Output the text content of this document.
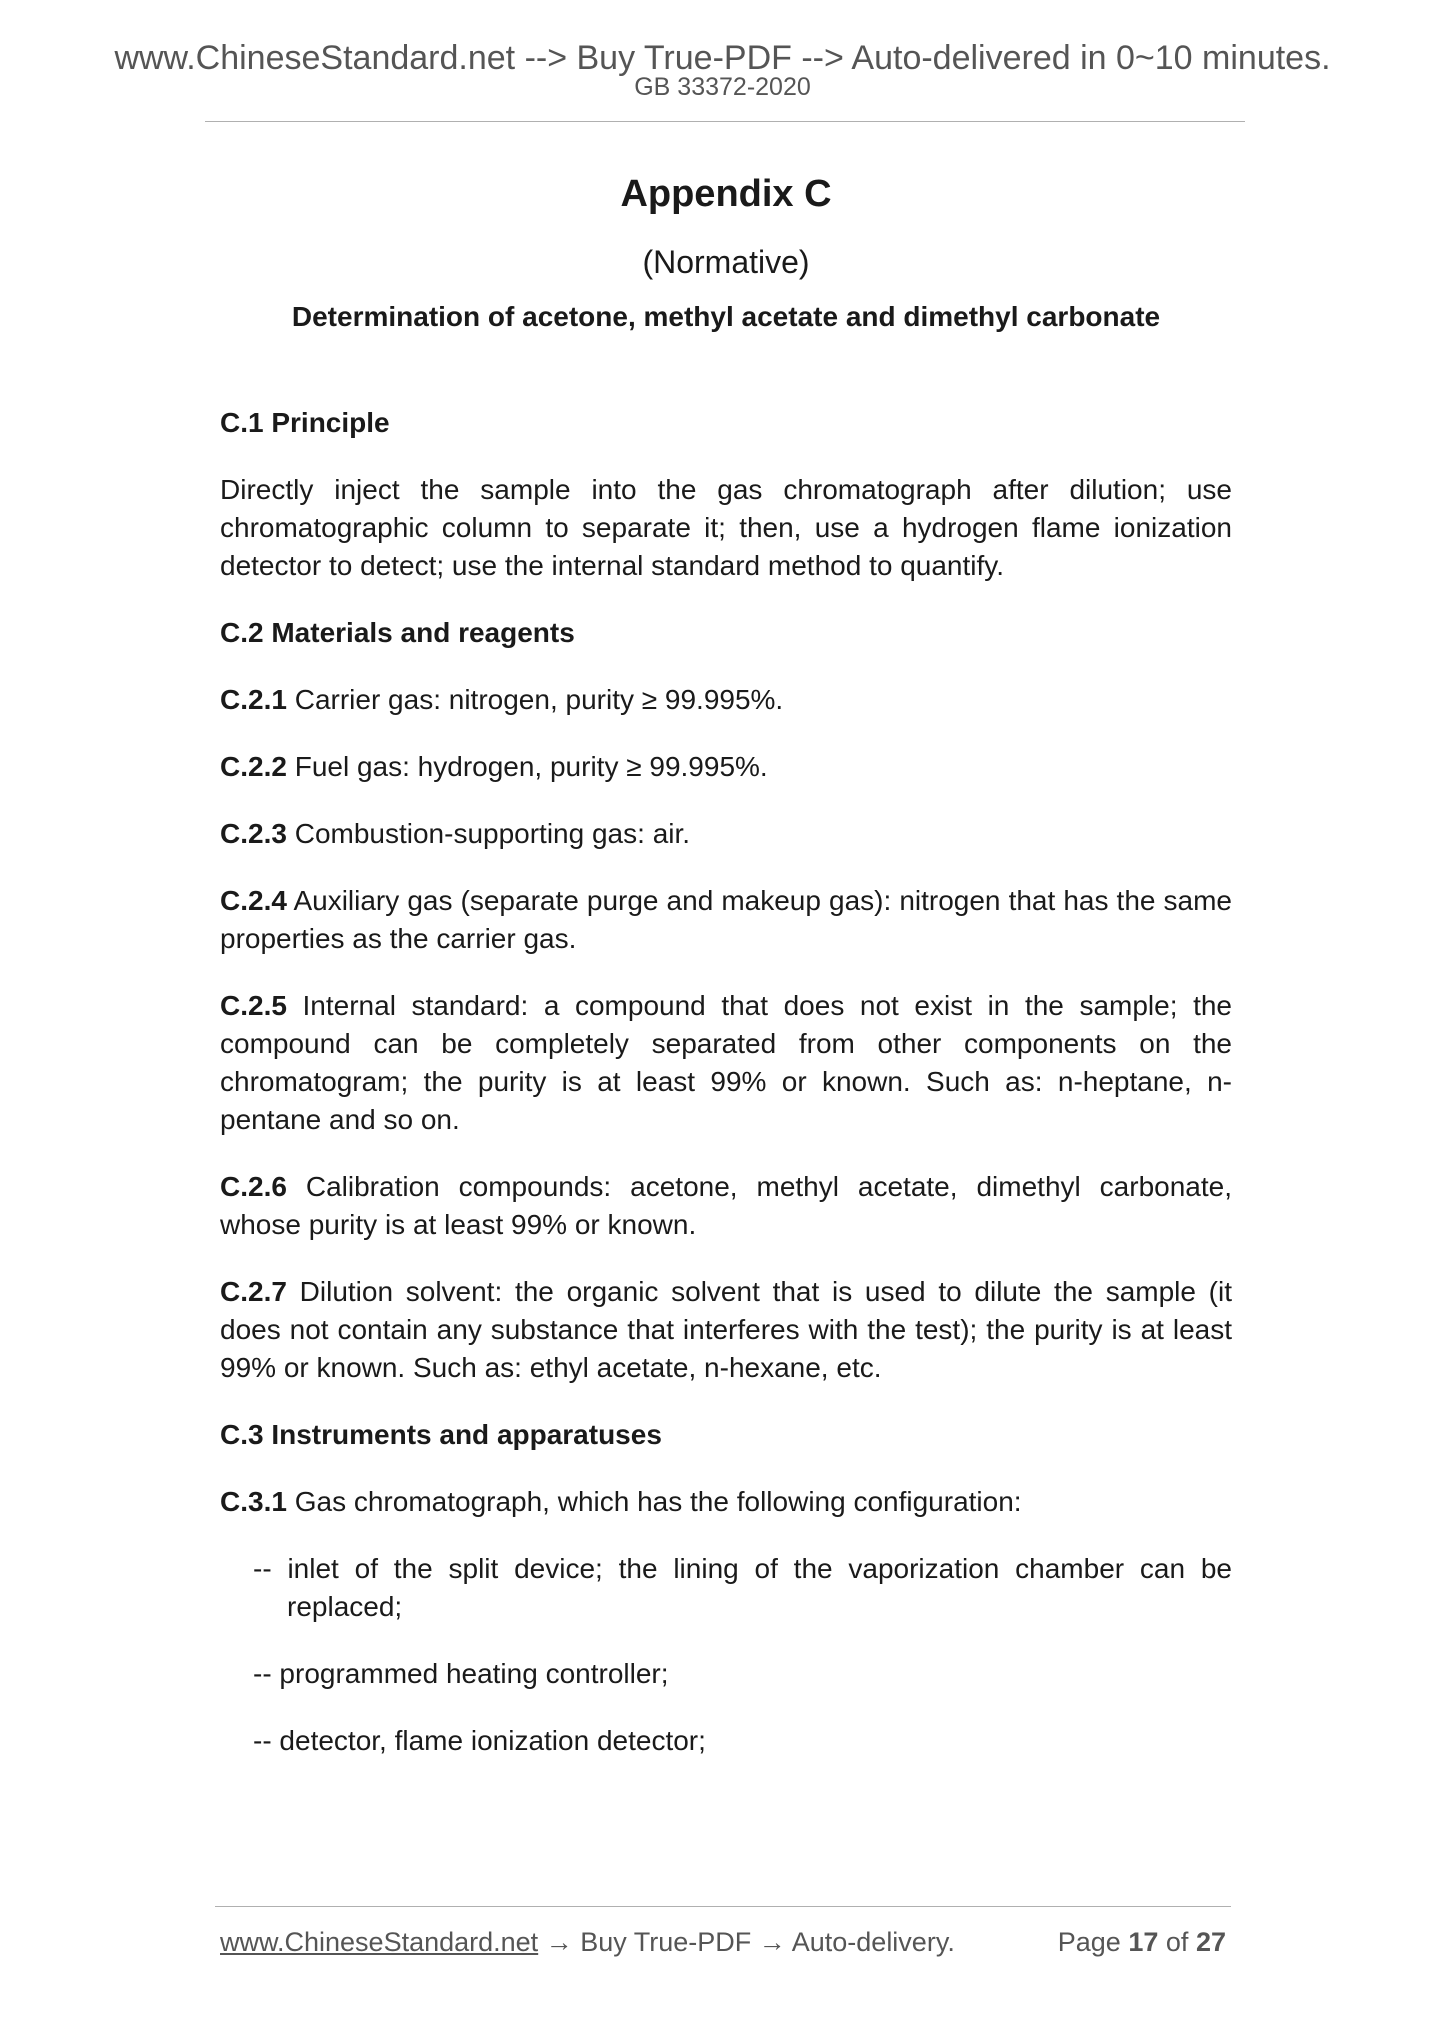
www.ChineseStandard.net --> Buy True-PDF --> Auto-delivered in 0~10 minutes.
GB 33372-2020
Appendix C
(Normative)
Determination of acetone, methyl acetate and dimethyl carbonate

C.1 Principle

Directly inject the sample into the gas chromatograph after dilution; use chromatographic column to separate it; then, use a hydrogen flame ionization detector to detect; use the internal standard method to quantify.

C.2 Materials and reagents

C.2.1 Carrier gas: nitrogen, purity ≥ 99.995%.

C.2.2 Fuel gas: hydrogen, purity ≥ 99.995%.

C.2.3 Combustion-supporting gas: air.

C.2.4 Auxiliary gas (separate purge and makeup gas): nitrogen that has the same properties as the carrier gas.

C.2.5 Internal standard: a compound that does not exist in the sample; the compound can be completely separated from other components on the chromatogram; the purity is at least 99% or known. Such as: n-heptane, n-pentane and so on.

C.2.6 Calibration compounds: acetone, methyl acetate, dimethyl carbonate, whose purity is at least 99% or known.

C.2.7 Dilution solvent: the organic solvent that is used to dilute the sample (it does not contain any substance that interferes with the test); the purity is at least 99% or known. Such as: ethyl acetate, n-hexane, etc.

C.3 Instruments and apparatuses

C.3.1 Gas chromatograph, which has the following configuration:

-- inlet of the split device; the lining of the vaporization chamber can be replaced;

-- programmed heating controller;

-- detector, flame ionization detector;

www.ChineseStandard.net → Buy True-PDF → Auto-delivery.	Page 17 of 27
